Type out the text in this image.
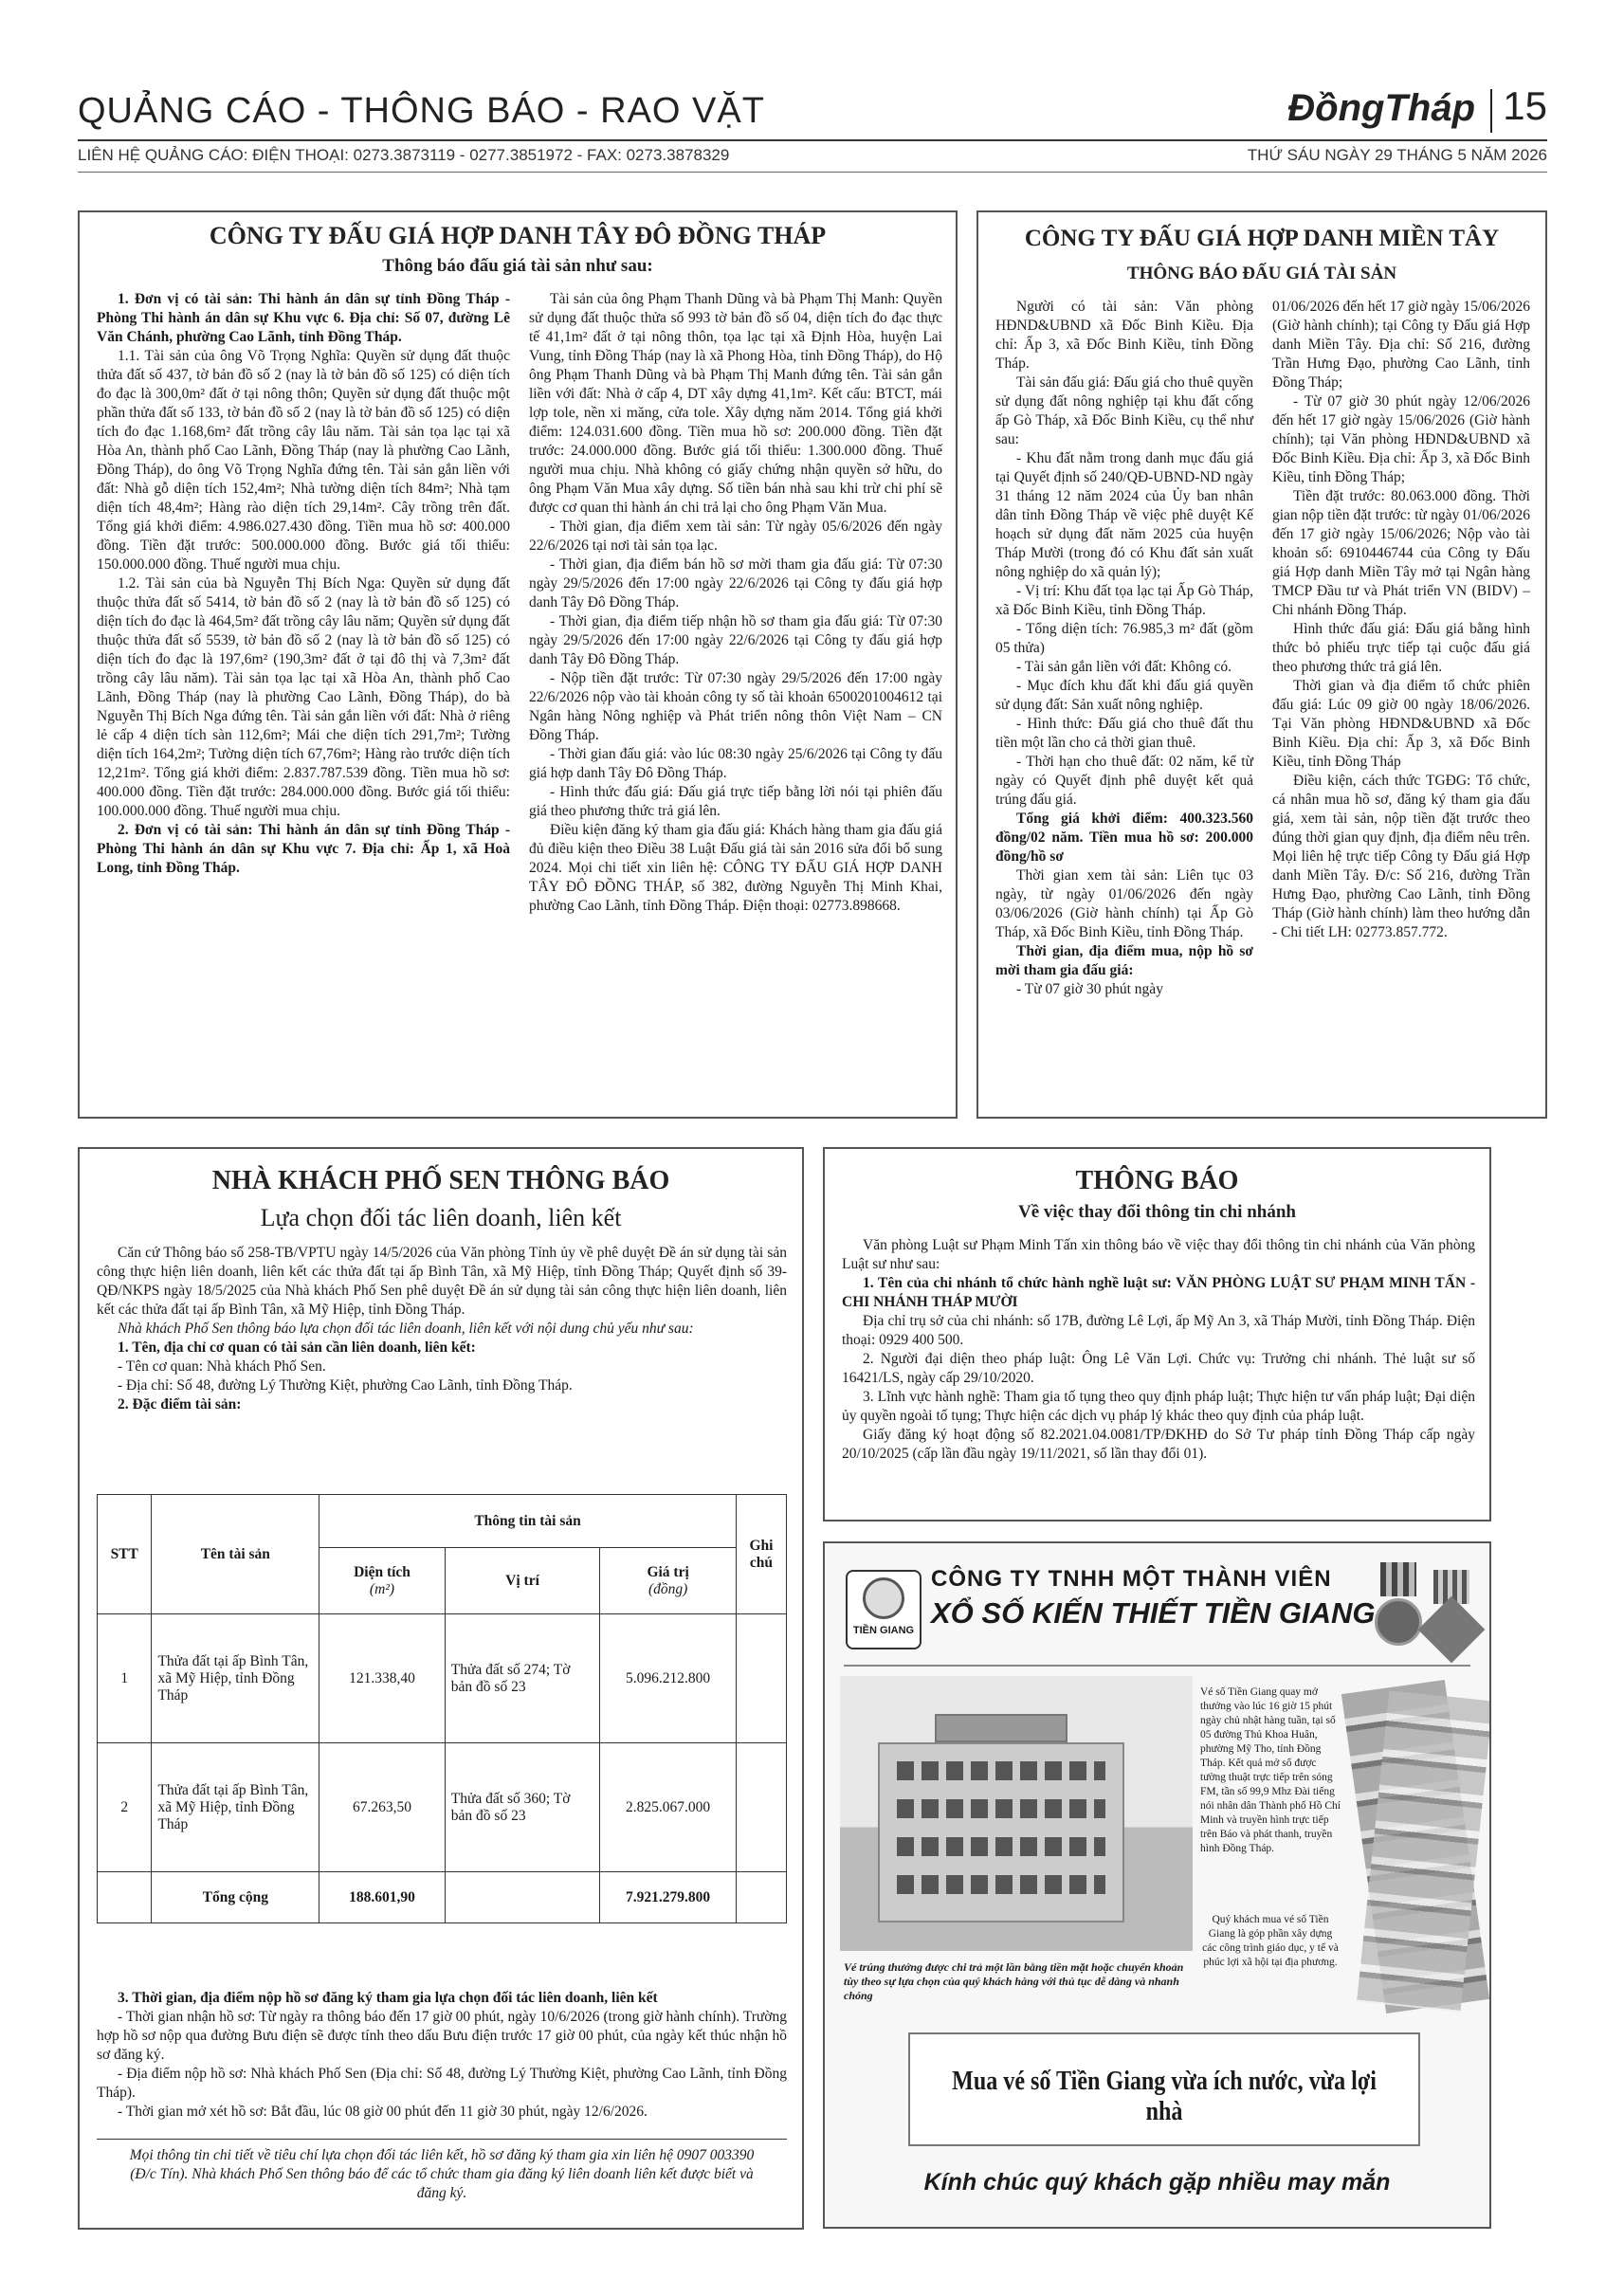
QUẢNG CÁO - THÔNG BÁO - RAO VẶT
LIÊN HỆ QUẢNG CÁO: ĐIỆN THOẠI: 0273.3873119 - 0277.3851972 - FAX: 0273.3878329
ĐồngTháp 15
THỨ SÁU NGÀY 29 THÁNG 5 NĂM 2026
CÔNG TY ĐẤU GIÁ HỢP DANH TÂY ĐÔ ĐỒNG THÁP
Thông báo đấu giá tài sản như sau:

1. Đơn vị có tài sản: Thi hành án dân sự tỉnh Đồng Tháp - Phòng Thi hành án dân sự Khu vực 6. Địa chỉ: Số 07, đường Lê Văn Chánh, phường Cao Lãnh, tỉnh Đồng Tháp.

1.1. Tài sản của ông Võ Trọng Nghĩa: Quyền sử dụng đất thuộc thửa đất số 437, tờ bản đồ số 2 (nay là tờ bản đồ số 125) có diện tích đo đạc là 300,0m² đất ở tại nông thôn; Quyền sử dụng đất thuộc một phần thửa đất số 133, tờ bản đồ số 2 (nay là tờ bản đồ số 125) có diện tích đo đạc 1.168,6m² đất trồng cây lâu năm. Tài sản tọa lạc tại xã Hòa An, thành phố Cao Lãnh, Đồng Tháp (nay là phường Cao Lãnh, Đồng Tháp), do ông Võ Trọng Nghĩa đứng tên. Tài sản gắn liền với đất: Nhà gỗ diện tích 152,4m²; Nhà tường diện tích 84m²; Nhà tạm diện tích 48,4m²; Hàng rào diện tích 29,14m². Cây trồng trên đất. Tổng giá khởi điểm: 4.986.027.430 đồng. Tiền mua hồ sơ: 400.000 đồng. Tiền đặt trước: 500.000.000 đồng. Bước giá tối thiểu: 150.000.000 đồng. Thuế người mua chịu.

1.2. Tài sản của bà Nguyễn Thị Bích Nga: Quyền sử dụng đất thuộc thửa đất số 5414, tờ bản đồ số 2 (nay là tờ bản đồ số 125) có diện tích đo đạc là 464,5m² đất trồng cây lâu năm; Quyền sử dụng đất thuộc thửa đất số 5539, tờ bản đồ số 2 (nay là tờ bản đồ số 125) có diện tích đo đạc là 197,6m² (190,3m² đất ở tại đô thị và 7,3m² đất trồng cây lâu năm). Tài sản tọa lạc tại xã Hòa An, thành phố Cao Lãnh, Đồng Tháp (nay là phường Cao Lãnh, Đồng Tháp), do bà Nguyễn Thị Bích Nga đứng tên. Tài sản gắn liền với đất: Nhà ở riêng lẻ cấp 4 diện tích sàn 112,6m²; Mái che diện tích 291,7m²; Tường diện tích 164,2m²; Tường diện tích 67,76m²; Hàng rào trước diện tích 12,21m². Tổng giá khởi điểm: 2.837.787.539 đồng. Tiền mua hồ sơ: 400.000 đồng. Tiền đặt trước: 284.000.000 đồng. Bước giá tối thiểu: 100.000.000 đồng. Thuế người mua chịu.

2. Đơn vị có tài sản: Thi hành án dân sự tỉnh Đồng Tháp - Phòng Thi hành án dân sự Khu vực 7. Địa chỉ: Ấp 1, xã Hoà Long, tỉnh Đồng Tháp.

Tài sản của ông Phạm Thanh Dũng và bà Phạm Thị Manh: Quyền sử dụng đất thuộc thửa số 993 tờ bản đồ số 04, diện tích đo đạc thực tế 41,1m² đất ở tại nông thôn, tọa lạc tại xã Định Hòa, huyện Lai Vung, tỉnh Đồng Tháp (nay là xã Phong Hòa, tỉnh Đồng Tháp), do Hộ ông Phạm Thanh Dũng và bà Phạm Thị Manh đứng tên. Tài sản gắn liền với đất: Nhà ở cấp 4, DT xây dựng 41,1m². Kết cấu: BTCT, mái lợp tole, nền xi măng, cửa tole. Xây dựng năm 2014. Tổng giá khởi điểm: 124.031.600 đồng. Tiền mua hồ sơ: 200.000 đồng. Tiền đặt trước: 24.000.000 đồng. Bước giá tối thiểu: 1.300.000 đồng. Thuế người mua chịu. Nhà không có giấy chứng nhận quyền sở hữu, do ông Phạm Văn Mua xây dựng. Số tiền bán nhà sau khi trừ chi phí sẽ được cơ quan thi hành án chi trả lại cho ông Phạm Văn Mua.

- Thời gian, địa điểm xem tài sản: Từ ngày 05/6/2026 đến ngày 22/6/2026 tại nơi tài sản tọa lạc.

- Thời gian, địa điểm bán hồ sơ mời tham gia đấu giá: Từ 07:30 ngày 29/5/2026 đến 17:00 ngày 22/6/2026 tại Công ty đấu giá hợp danh Tây Đô Đồng Tháp.

- Thời gian, địa điểm tiếp nhận hồ sơ tham gia đấu giá: Từ 07:30 ngày 29/5/2026 đến 17:00 ngày 22/6/2026 tại Công ty đấu giá hợp danh Tây Đô Đồng Tháp.

- Nộp tiền đặt trước: Từ 07:30 ngày 29/5/2026 đến 17:00 ngày 22/6/2026 nộp vào tài khoản công ty số tài khoản 6500201004612 tại Ngân hàng Nông nghiệp và Phát triển nông thôn Việt Nam – CN Đồng Tháp.

- Thời gian đấu giá: vào lúc 08:30 ngày 25/6/2026 tại Công ty đấu giá hợp danh Tây Đô Đồng Tháp.

- Hình thức đấu giá: Đấu giá trực tiếp bằng lời nói tại phiên đấu giá theo phương thức trả giá lên.

Điều kiện đăng ký tham gia đấu giá: Khách hàng tham gia đấu giá đủ điều kiện theo Điều 38 Luật Đấu giá tài sản 2016 sửa đổi bổ sung 2024. Mọi chi tiết xin liên hệ: CÔNG TY ĐẤU GIÁ HỢP DANH TÂY ĐÔ ĐỒNG THÁP, số 382, đường Nguyễn Thị Minh Khai, phường Cao Lãnh, tỉnh Đồng Tháp. Điện thoại: 02773.898668.

CÔNG TY ĐẤU GIÁ HỢP DANH MIỀN TÂY
THÔNG BÁO ĐẤU GIÁ TÀI SẢN

Người có tài sản: Văn phòng HĐND&UBND xã Đốc Binh Kiều. Địa chỉ: Ấp 3, xã Đốc Binh Kiều, tỉnh Đồng Tháp.

Tài sản đấu giá: Đấu giá cho thuê quyền sử dụng đất nông nghiệp tại khu đất cống ấp Gò Tháp, xã Đốc Binh Kiều, cụ thể như sau:

- Khu đất nằm trong danh mục đấu giá tại Quyết định số 240/QĐ-UBND-ND ngày 31 tháng 12 năm 2024 của Ủy ban nhân dân tỉnh Đồng Tháp về việc phê duyệt Kế hoạch sử dụng đất năm 2025 của huyện Tháp Mười (trong đó có Khu đất sản xuất nông nghiệp do xã quản lý);

- Vị trí: Khu đất tọa lạc tại Ấp Gò Tháp, xã Đốc Binh Kiều, tỉnh Đồng Tháp.

- Tổng diện tích: 76.985,3 m² đất (gồm 05 thửa)

- Tài sản gắn liền với đất: Không có.

- Mục đích khu đất khi đấu giá quyền sử dụng đất: Sản xuất nông nghiệp.

- Hình thức: Đấu giá cho thuê đất thu tiền một lần cho cả thời gian thuê.

- Thời hạn cho thuê đất: 02 năm, kể từ ngày có Quyết định phê duyệt kết quả trúng đấu giá.

Tổng giá khởi điểm: 400.323.560 đồng/02 năm. Tiền mua hồ sơ: 200.000 đồng/hồ sơ

Thời gian xem tài sản: Liên tục 03 ngày, từ ngày 01/06/2026 đến ngày 03/06/2026 (Giờ hành chính) tại Ấp Gò Tháp, xã Đốc Binh Kiều, tỉnh Đồng Tháp.

Thời gian, địa điểm mua, nộp hồ sơ mời tham gia đấu giá:

- Từ 07 giờ 30 phút ngày

01/06/2026 đến hết 17 giờ ngày 15/06/2026 (Giờ hành chính); tại Công ty Đấu giá Hợp danh Miền Tây. Địa chỉ: Số 216, đường Trần Hưng Đạo, phường Cao Lãnh, tỉnh Đồng Tháp;

- Từ 07 giờ 30 phút ngày 12/06/2026 đến hết 17 giờ ngày 15/06/2026 (Giờ hành chính); tại Văn phòng HĐND&UBND xã Đốc Binh Kiều. Địa chỉ: Ấp 3, xã Đốc Binh Kiều, tỉnh Đồng Tháp;

Tiền đặt trước: 80.063.000 đồng. Thời gian nộp tiền đặt trước: từ ngày 01/06/2026 đến 17 giờ ngày 15/06/2026; Nộp vào tài khoản số: 6910446744 của Công ty Đấu giá Hợp danh Miền Tây mở tại Ngân hàng TMCP Đầu tư và Phát triển VN (BIDV) – Chi nhánh Đồng Tháp.

Hình thức đấu giá: Đấu giá bằng hình thức bỏ phiếu trực tiếp tại cuộc đấu giá theo phương thức trả giá lên.

Thời gian và địa điểm tổ chức phiên đấu giá: Lúc 09 giờ 00 ngày 18/06/2026. Tại Văn phòng HĐND&UBND xã Đốc Binh Kiều. Địa chỉ: Ấp 3, xã Đốc Binh Kiều, tỉnh Đồng Tháp

Điều kiện, cách thức TGĐG: Tổ chức, cá nhân mua hồ sơ, đăng ký tham gia đấu giá, xem tài sản, nộp tiền đặt trước theo đúng thời gian quy định, địa điểm nêu trên. Mọi liên hệ trực tiếp Công ty Đấu giá Hợp danh Miền Tây. Đ/c: Số 216, đường Trần Hưng Đạo, phường Cao Lãnh, tỉnh Đồng Tháp (Giờ hành chính) làm theo hướng dẫn - Chi tiết LH: 02773.857.772.

NHÀ KHÁCH PHỐ SEN THÔNG BÁO
Lựa chọn đối tác liên doanh, liên kết

Căn cứ Thông báo số 258-TB/VPTU ngày 14/5/2026 của Văn phòng Tỉnh ủy về phê duyệt Đề án sử dụng tài sản công thực hiện liên doanh, liên kết các thửa đất tại ấp Bình Tân, xã Mỹ Hiệp, tỉnh Đồng Tháp; Quyết định số 39-QĐ/NKPS ngày 18/5/2025 của Nhà khách Phố Sen phê duyệt Đề án sử dụng tài sản công thực hiện liên doanh, liên kết các thửa đất tại ấp Bình Tân, xã Mỹ Hiệp, tỉnh Đồng Tháp.

Nhà khách Phố Sen thông báo lựa chọn đối tác liên doanh, liên kết với nội dung chủ yếu như sau:

1. Tên, địa chỉ cơ quan có tài sản cần liên doanh, liên kết:

- Tên cơ quan: Nhà khách Phố Sen.

- Địa chỉ: Số 48, đường Lý Thường Kiệt, phường Cao Lãnh, tỉnh Đồng Tháp.

2. Đặc điểm tài sản:

STT	Tên tài sản	Thông tin tài sản			Ghi chú
		Diện tích
(m²)	Vị trí	Giá trị
(đồng)	
1	Thửa đất tại ấp Bình Tân, xã Mỹ Hiệp, tỉnh Đồng Tháp	121.338,40	Thửa đất số 274; Tờ bản đồ số 23	5.096.212.800	
2	Thửa đất tại ấp Bình Tân, xã Mỹ Hiệp, tỉnh Đồng Tháp	67.263,50	Thửa đất số 360; Tờ bản đồ số 23	2.825.067.000	
	Tổng cộng	188.601,90		7.921.279.800	

3. Thời gian, địa điểm nộp hồ sơ đăng ký tham gia lựa chọn đối tác liên doanh, liên kết

- Thời gian nhận hồ sơ: Từ ngày ra thông báo đến 17 giờ 00 phút, ngày 10/6/2026 (trong giờ hành chính). Trường hợp hồ sơ nộp qua đường Bưu điện sẽ được tính theo dấu Bưu điện trước 17 giờ 00 phút, của ngày kết thúc nhận hồ sơ đăng ký.

- Địa điểm nộp hồ sơ: Nhà khách Phố Sen (Địa chỉ: Số 48, đường Lý Thường Kiệt, phường Cao Lãnh, tỉnh Đồng Tháp).

- Thời gian mở xét hồ sơ: Bắt đầu, lúc 08 giờ 00 phút đến 11 giờ 30 phút, ngày 12/6/2026.

Mọi thông tin chi tiết về tiêu chí lựa chọn đối tác liên kết, hồ sơ đăng ký tham gia xin liên hệ 0907 003390 (Đ/c Tín). Nhà khách Phố Sen thông báo để các tổ chức tham gia đăng ký liên doanh liên kết được biết và đăng ký.
THÔNG BÁO
Về việc thay đổi thông tin chi nhánh

Văn phòng Luật sư Phạm Minh Tấn xin thông báo về việc thay đổi thông tin chi nhánh của Văn phòng Luật sư như sau:

1. Tên của chi nhánh tổ chức hành nghề luật sư: VĂN PHÒNG LUẬT SƯ PHẠM MINH TẤN - CHI NHÁNH THÁP MƯỜI

Địa chỉ trụ sở của chi nhánh: số 17B, đường Lê Lợi, ấp Mỹ An 3, xã Tháp Mười, tỉnh Đồng Tháp. Điện thoại: 0929 400 500.

2. Người đại diện theo pháp luật: Ông Lê Văn Lợi. Chức vụ: Trưởng chi nhánh. Thẻ luật sư số 16421/LS, ngày cấp 29/10/2020.

3. Lĩnh vực hành nghề: Tham gia tố tụng theo quy định pháp luật; Thực hiện tư vấn pháp luật; Đại diện ủy quyền ngoài tố tụng; Thực hiện các dịch vụ pháp lý khác theo quy định của pháp luật.

Giấy đăng ký hoạt động số 82.2021.04.0081/TP/ĐKHĐ do Sở Tư pháp tỉnh Đồng Tháp cấp ngày 20/10/2025 (cấp lần đầu ngày 19/11/2021, số lần thay đổi 01).

TIỀN GIANG
CÔNG TY TNHH MỘT THÀNH VIÊN
XỔ SỐ KIẾN THIẾT TIỀN GIANG
Vé số Tiền Giang quay mở thưởng vào lúc 16 giờ 15 phút ngày chủ nhật hàng tuần, tại số 05 đường Thủ Khoa Huân, phường Mỹ Tho, tỉnh Đồng Tháp. Kết quả mở số được tường thuật trực tiếp trên sóng FM, tần số 99,9 Mhz Đài tiếng nói nhân dân Thành phố Hồ Chí Minh và truyền hình trực tiếp trên Báo và phát thanh, truyền hình Đồng Tháp.
Quý khách mua vé số Tiền Giang là góp phần xây dựng các công trình giáo dục, y tế và phúc lợi xã hội tại địa phương.
Vé trúng thưởng được chi trả một lần bằng tiền mặt hoặc chuyển khoản tùy theo sự lựa chọn của quý khách hàng với thủ tục dễ dàng và nhanh chóng
Mua vé số Tiền Giang vừa ích nước, vừa lợi nhà
Kính chúc quý khách gặp nhiều may mắn
